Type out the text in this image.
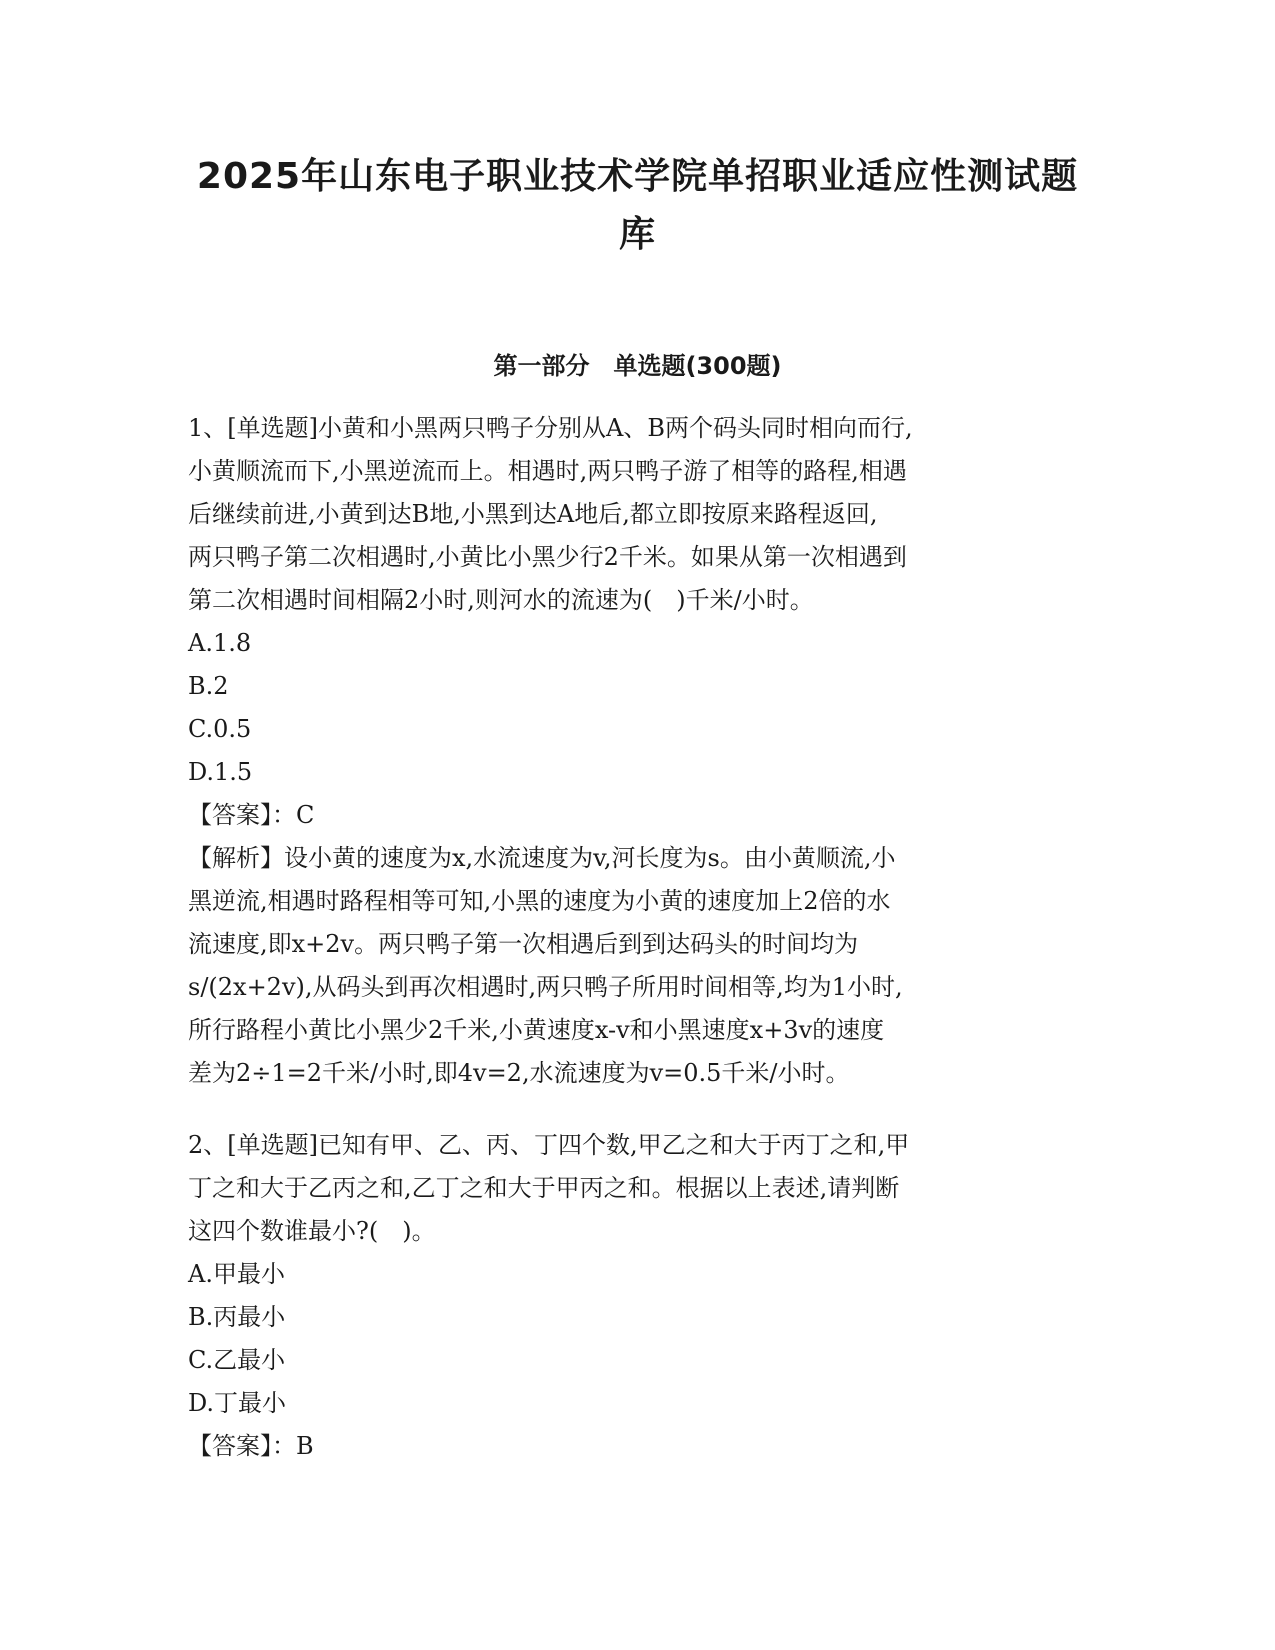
2025年山东电子职业技术学院单招职业适应性测试题
库
第一部分　单选题(300题)
1、[单选题]小黄和小黑两只鸭子分别从A、B两个码头同时相向而行,
小黄顺流而下,小黑逆流而上。相遇时,两只鸭子游了相等的路程,相遇
后继续前进,小黄到达B地,小黑到达A地后,都立即按原来路程返回,
两只鸭子第二次相遇时,小黄比小黑少行2千米。如果从第一次相遇到
第二次相遇时间相隔2小时,则河水的流速为(　)千米/小时。
A.1.8
B.2
C.0.5
D.1.5
【答案】：C
【解析】设小黄的速度为x,水流速度为v,河长度为s。由小黄顺流,小
黑逆流,相遇时路程相等可知,小黑的速度为小黄的速度加上2倍的水
流速度,即x+2v。两只鸭子第一次相遇后到到达码头的时间均为
s/(2x+2v),从码头到再次相遇时,两只鸭子所用时间相等,均为1小时,
所行路程小黄比小黑少2千米,小黄速度x-v和小黑速度x+3v的速度
差为2÷1=2千米/小时,即4v=2,水流速度为v=0.5千米/小时。
2、[单选题]已知有甲、乙、丙、丁四个数,甲乙之和大于丙丁之和,甲
丁之和大于乙丙之和,乙丁之和大于甲丙之和。根据以上表述,请判断
这四个数谁最小?(　)。
A.甲最小
B.丙最小
C.乙最小
D.丁最小
【答案】：B
